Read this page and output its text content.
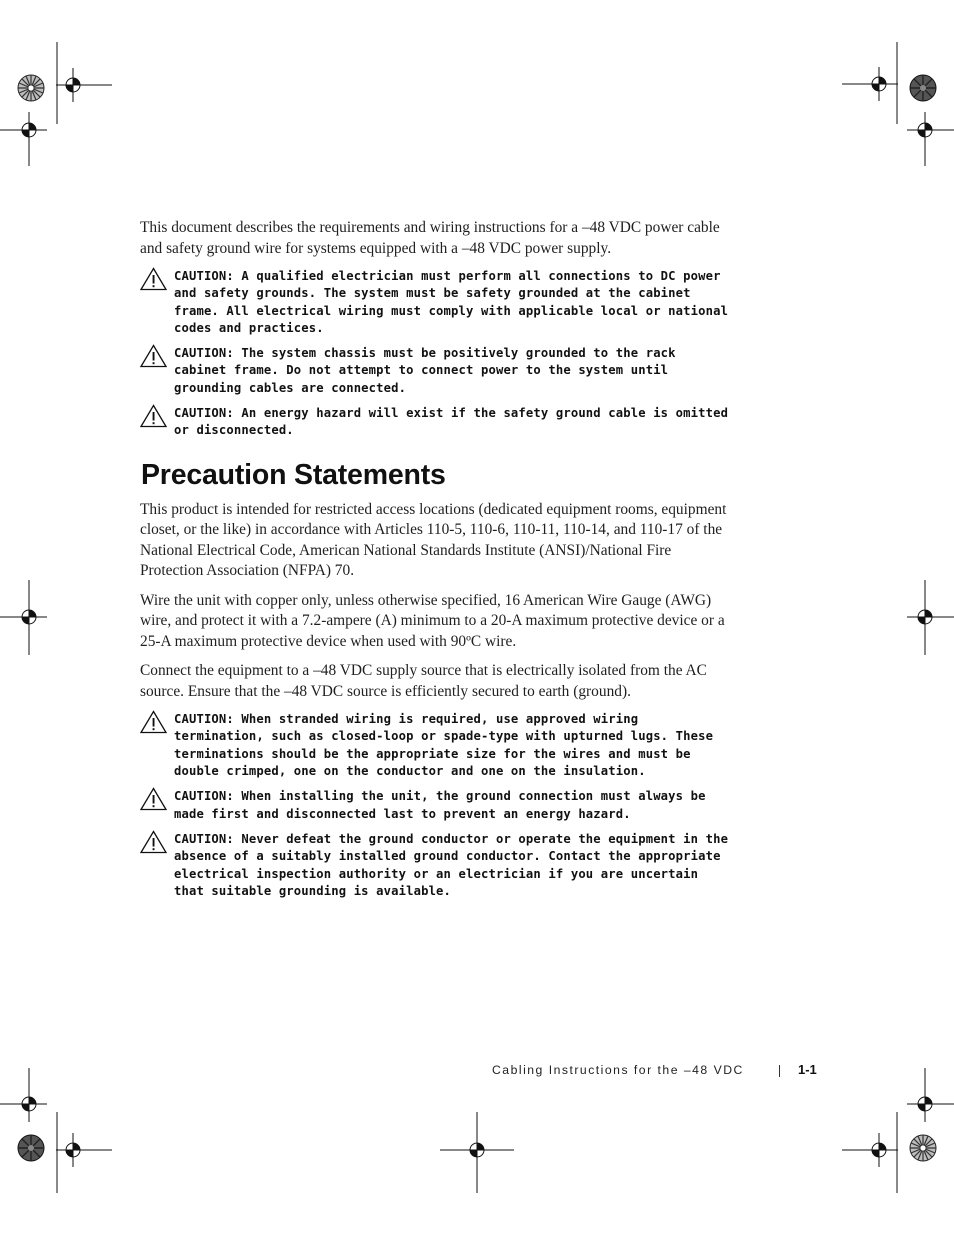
This document describes the requirements and wiring instructions for a –48 VDC power cable and safety ground wire for systems equipped with a –48 VDC power supply.

CAUTION: A qualified electrician must perform all connections to DC power and safety grounds. The system must be safety grounded at the cabinet frame. All electrical wiring must comply with applicable local or national codes and practices.
CAUTION: The system chassis must be positively grounded to the rack cabinet frame. Do not attempt to connect power to the system until grounding cables are connected.
CAUTION: An energy hazard will exist if the safety ground cable is omitted or disconnected.
Precaution Statements

This product is intended for restricted access locations (dedicated equipment rooms, equipment closet, or the like) in accordance with Articles 110-5, 110-6, 110-11, 110-14, and 110-17 of the National Electrical Code, American National Standards Institute (ANSI)/National Fire Protection Association (NFPA) 70.

Wire the unit with copper only, unless otherwise specified, 16 American Wire Gauge (AWG) wire, and protect it with a 7.2-ampere (A) minimum to a 20-A maximum protective device or a 25-A maximum protective device when used with 90ºC wire.

Connect the equipment to a –48 VDC supply source that is electrically isolated from the AC source. Ensure that the –48 VDC source is efficiently secured to earth (ground).

CAUTION: When stranded wiring is required, use approved wiring termination, such as closed-loop or spade-type with upturned lugs. These terminations should be the appropriate size for the wires and must be double crimped, one on the conductor and one on the insulation.
CAUTION: When installing the unit, the ground connection must always be made first and disconnected last to prevent an energy hazard.
CAUTION: Never defeat the ground conductor or operate the equipment in the absence of a suitably installed ground conductor. Contact the appropriate electrical inspection authority or an electrician if you are uncertain that suitable grounding is available.
Cabling Instructions for the –48 VDC	1-1
